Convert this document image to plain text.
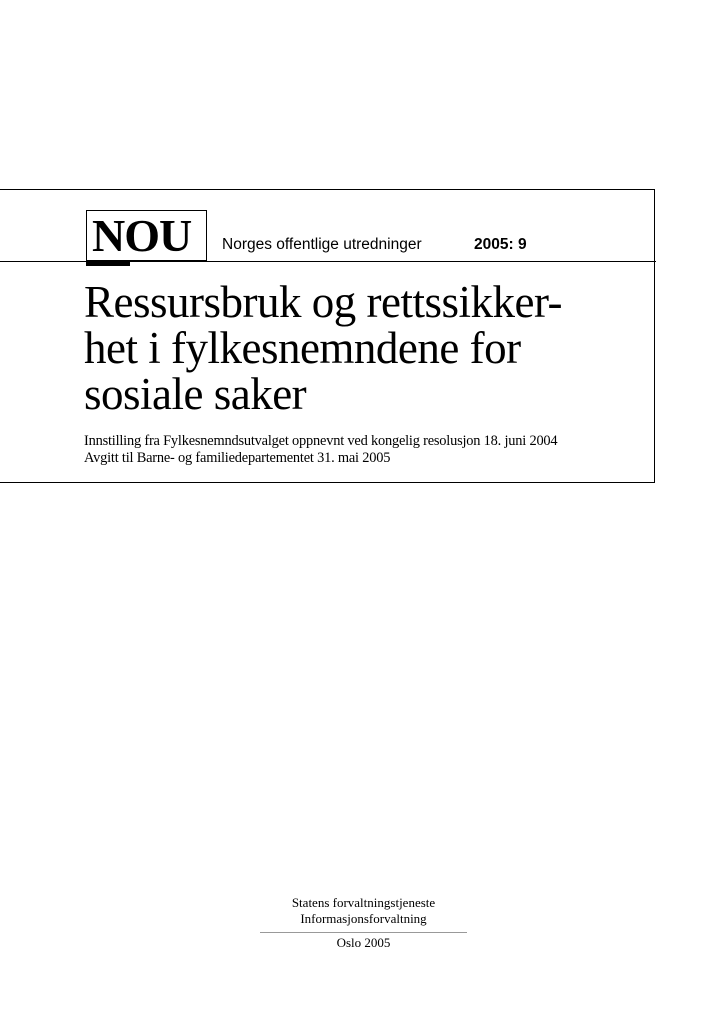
NOU Norges offentlige utredninger	2005: 9
Ressursbruk og rettssikker-
het i fylkesnemndene for
sosiale saker
Innstilling fra Fylkesnemndsutvalget oppnevnt ved kongelig resolusjon 18. juni 2004
Avgitt til Barne- og familiedepartementet 31. mai 2005
Statens forvaltningstjeneste
Informasjonsforvaltning
Oslo 2005
